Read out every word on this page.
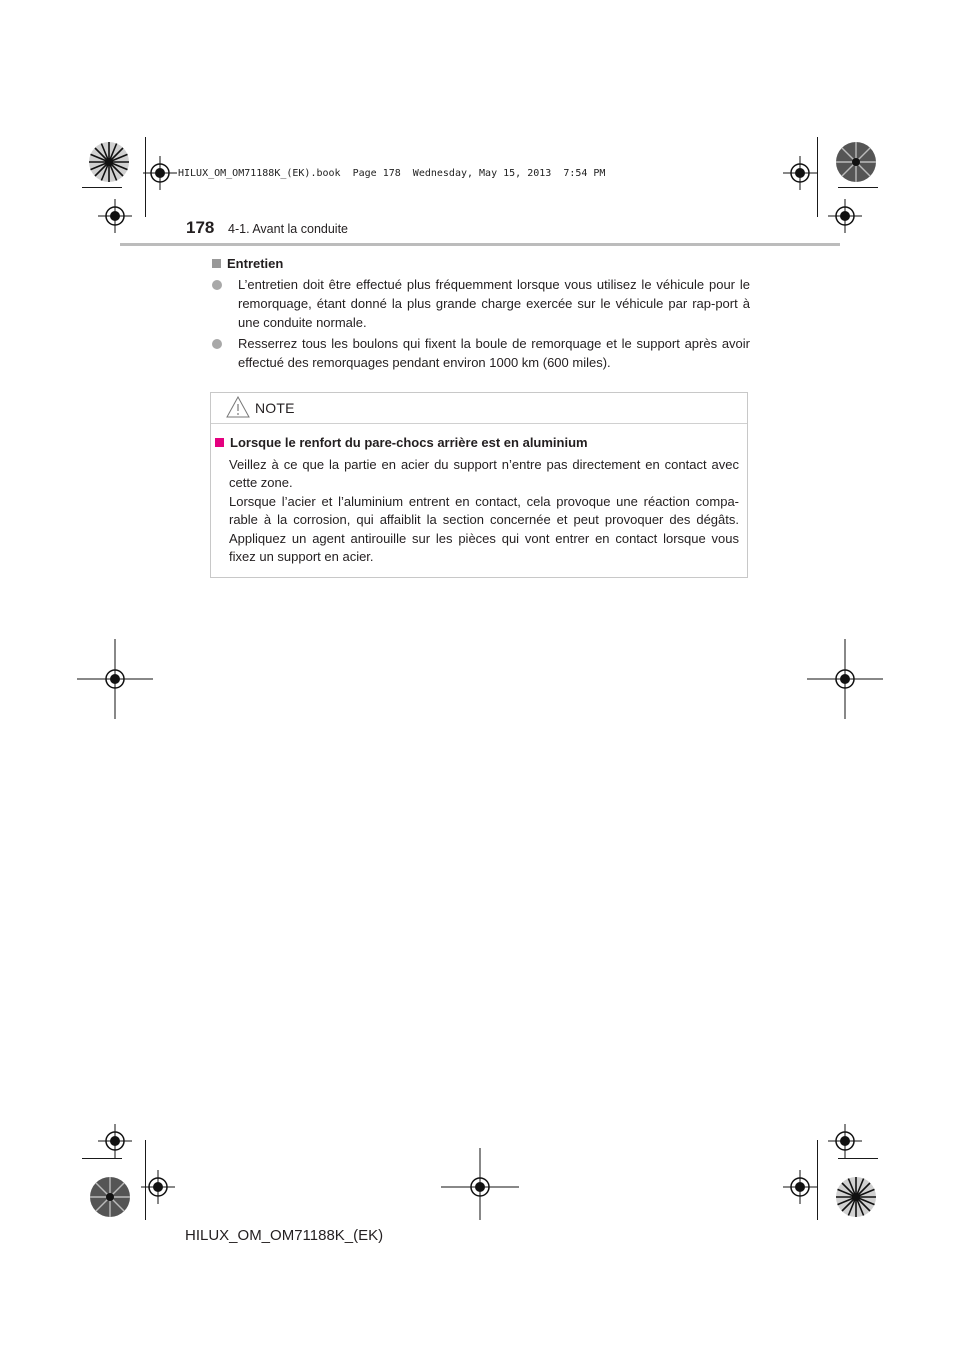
HILUX_OM_OM71188K_(EK).book  Page 178  Wednesday, May 15, 2013  7:54 PM
178 4-1. Avant la conduite
Entretien
L’entretien doit être effectué plus fréquemment lorsque vous utilisez le véhicule pour le remorquage, étant donné la plus grande charge exercée sur le véhicule par rap-port à une conduite normale.
Resserrez tous les boulons qui fixent la boule de remorquage et le support après avoir effectué des remorquages pendant environ 1000 km (600 miles).
NOTE
Lorsque le renfort du pare-chocs arrière est en aluminium

Veillez à ce que la partie en acier du support n’entre pas directement en contact avec cette zone.

Lorsque l’acier et l’aluminium entrent en contact, cela provoque une réaction compa-rable à la corrosion, qui affaiblit la section concernée et peut provoquer des dégâts. Appliquez un agent antirouille sur les pièces qui vont entrer en contact lorsque vous fixez un support en acier.

HILUX_OM_OM71188K_(EK)
